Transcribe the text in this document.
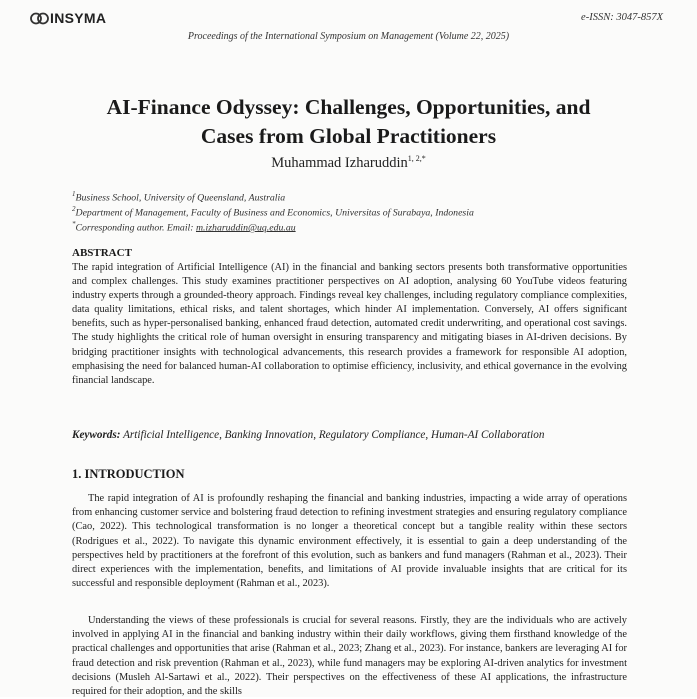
INSYMA	e-ISSN: 3047-857X
Proceedings of the International Symposium on Management (Volume 22, 2025)
AI-Finance Odyssey: Challenges, Opportunities, and
Cases from Global Practitioners
Muhammad Izharuddin$^{1, 2,*}$
$^1$Business School, University of Queensland, Australia
$^2$Department of Management, Faculty of Business and Economics, Universitas of Surabaya, Indonesia
*Corresponding author. Email: m.izharuddin@uq.edu.au
ABSTRACT
The rapid integration of Artificial Intelligence (AI) in the financial and banking sectors presents both transformative opportunities and complex challenges. This study examines practitioner perspectives on AI adoption, analysing 60 YouTube videos featuring industry experts through a grounded-theory approach. Findings reveal key challenges, including regulatory compliance complexities, data quality limitations, ethical risks, and talent shortages, which hinder AI implementation. Conversely, AI offers significant benefits, such as hyper-personalised banking, enhanced fraud detection, automated credit underwriting, and operational cost savings. The study highlights the critical role of human oversight in ensuring transparency and mitigating biases in AI-driven decisions. By bridging practitioner insights with technological advancements, this research provides a framework for responsible AI adoption, emphasising the need for balanced human-AI collaboration to optimise efficiency, inclusivity, and ethical governance in the evolving financial landscape.
Keywords: Artificial Intelligence, Banking Innovation, Regulatory Compliance, Human-AI Collaboration
1. INTRODUCTION
The rapid integration of AI is profoundly reshaping the financial and banking industries, impacting a wide array of operations from enhancing customer service and bolstering fraud detection to refining investment strategies and ensuring regulatory compliance (Cao, 2022). This technological transformation is no longer a theoretical concept but a tangible reality within these sectors (Rodrigues et al., 2022). To navigate this dynamic environment effectively, it is essential to gain a deep understanding of the perspectives held by practitioners at the forefront of this evolution, such as bankers and fund managers (Rahman et al., 2023). Their direct experiences with the implementation, benefits, and limitations of AI provide invaluable insights that are critical for its successful and responsible deployment (Rahman et al., 2023).
Understanding the views of these professionals is crucial for several reasons. Firstly, they are the individuals who are actively involved in applying AI in the financial and banking industry within their daily workflows, giving them firsthand knowledge of the practical challenges and opportunities that arise (Rahman et al., 2023; Zhang et al., 2023). For instance, bankers are leveraging AI for fraud detection and risk prevention (Rahman et al., 2023), while fund managers may be exploring AI-driven analytics for investment decisions (Musleh Al-Sartawi et al., 2022). Their perspectives on the effectiveness of these AI applications, the infrastructure required for their adoption, and the skills
